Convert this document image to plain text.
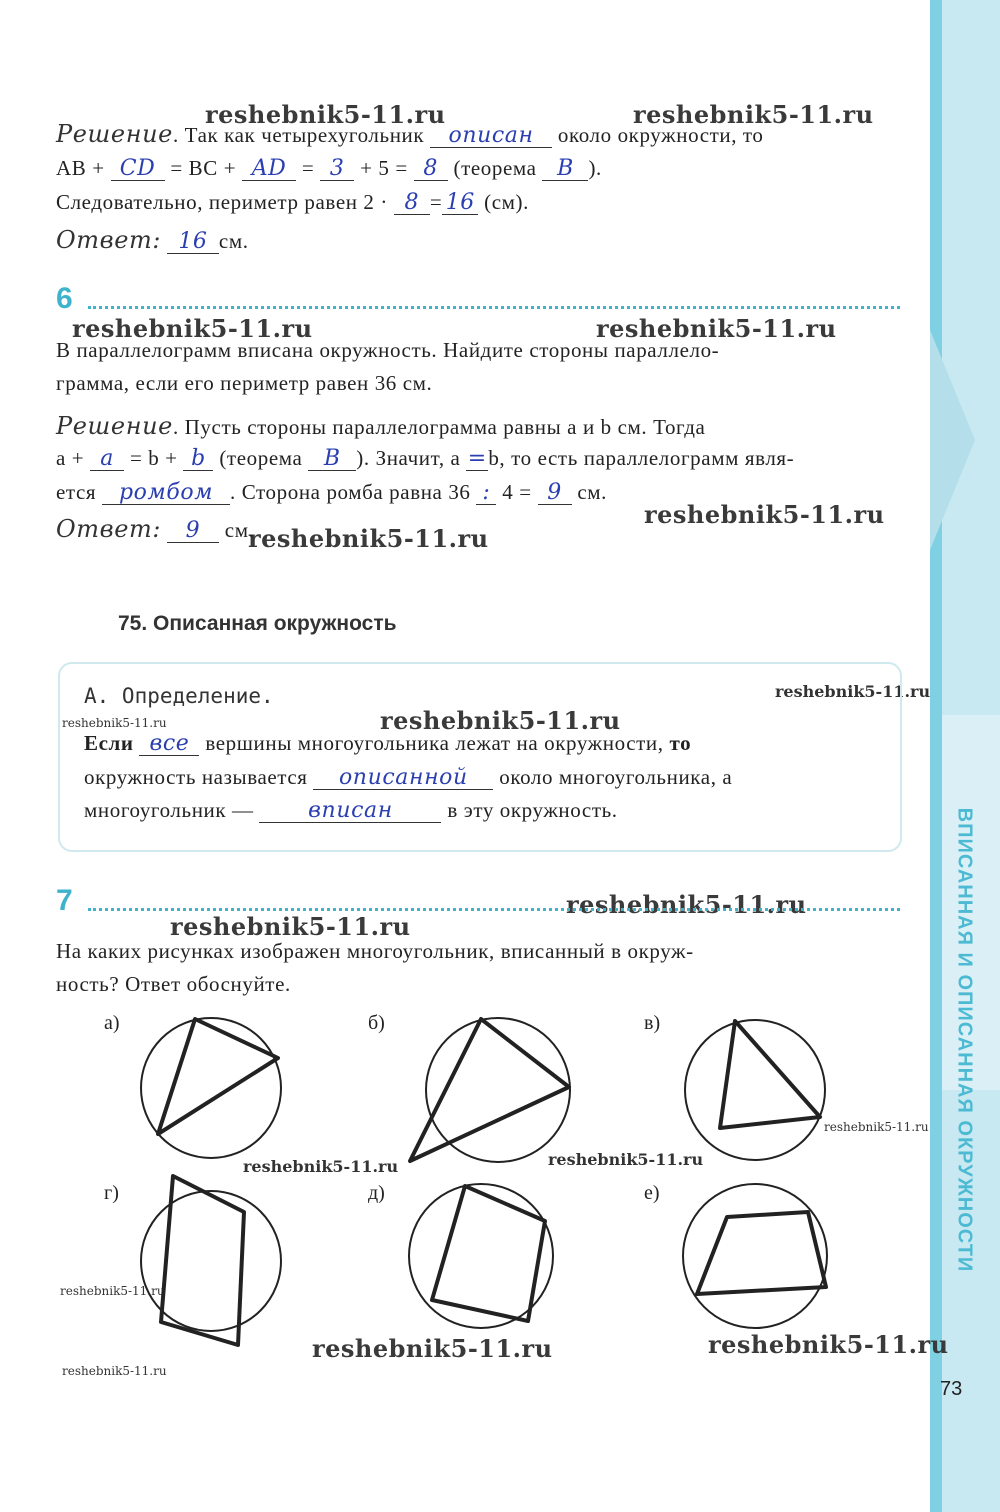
ВПИСАННАЯ И ОПИСАННАЯ ОКРУЖНОСТИ
reshebnik5-11.ru	reshebnik5-11.ru
reshebnik5-11.ru	reshebnik5-11.ru
reshebnik5-11.ru
reshebnik5-11.ru
reshebnik5-11.ru
reshebnik5-11.ru
reshebnik5-11.ru
reshebnik5-11.ru	reshebnik5-11.ru
reshebnik5-11.ru
reshebnik5-11.ru	reshebnik5-11.ru
reshebnik5-11.ru
reshebnik5-11.ru
reshebnik5-11.ru
reshebnik5-11.ru
Решение. Так как четырехугольник описан около окружности, то
AB + CD = BC + AD = 3 + 5 = 8 (теорема B ).
Следовательно, периметр равен 2 · 8 = 16 (см).
Ответ: 16 см.
6
В параллелограмм вписана окружность. Найдите стороны параллело-
грамма, если его периметр равен 36 см.
Решение. Пусть стороны параллелограмма равны a и b см. Тогда
a + a = b + b (теорема B ). Значит, a =b, то есть параллелограмм явля-
ется ромбом . Сторона ромба равна 36 : 4 = 9 см.
Ответ: 9 см.
75. Описанная окружность
А. Определение.
Если все вершины многоугольника лежат на окружности, то
окружность называется описанной около многоугольника, а
многоугольник — вписан	в эту окружность.
7
На каких рисунках изображен многоугольник, вписанный в окруж-
ность? Ответ обоснуйте.
а)	б)	в)
г)	д)	е)
73
